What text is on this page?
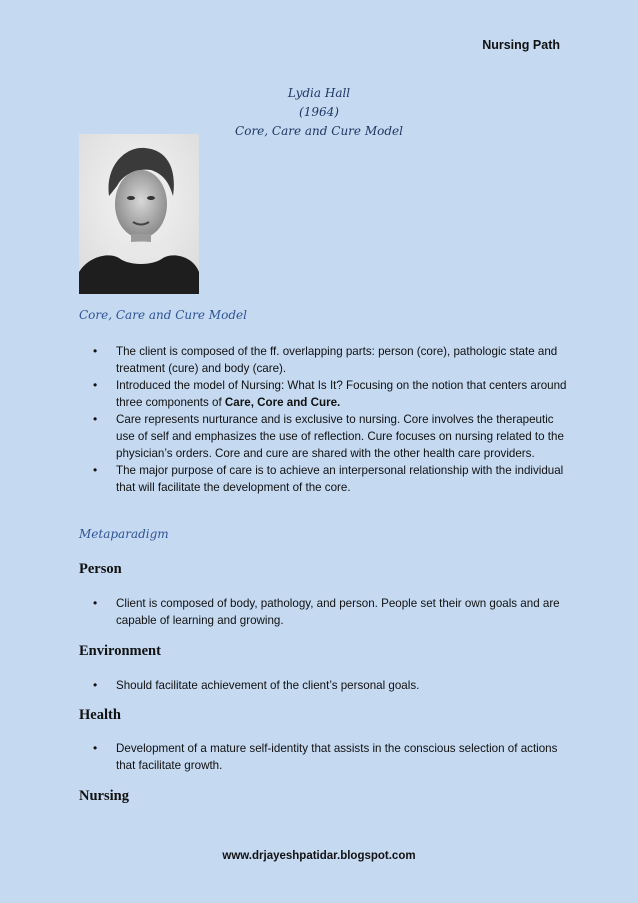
Nursing Path
Lydia Hall
(1964)
Core, Care and Cure Model
Core, Care and Cure Model
• The client is composed of the ff. overlapping parts: person (core), pathologic state and treatment (cure) and body (care).
• Introduced the model of Nursing: What Is It? Focusing on the notion that centers around three components of Care, Core and Cure.
• Care represents nurturance and is exclusive to nursing. Core involves the therapeutic use of self and emphasizes the use of reflection. Cure focuses on nursing related to the physician’s orders. Core and cure are shared with the other health care providers.
• The major purpose of care is to achieve an interpersonal relationship with the individual that will facilitate the development of the core.
Metaparadigm
Person
• Client is composed of body, pathology, and person. People set their own goals and are capable of learning and growing.
Environment
• Should facilitate achievement of the client’s personal goals.
Health
• Development of a mature self-identity that assists in the conscious selection of actions that facilitate growth.
Nursing
www.drjayeshpatidar.blogspot.com
